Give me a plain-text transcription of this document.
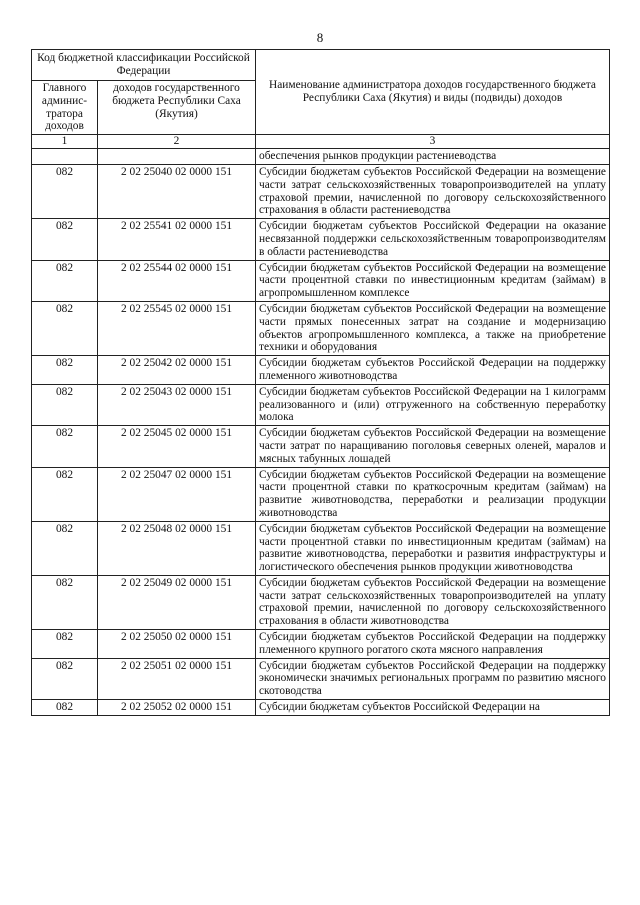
8
Код бюджетной классификации Российской Федерации		Наименование администратора доходов государственного бюджета Республики Саха (Якутия) и виды (подвиды) доходов
Главного админис-тратора доходов	доходов государственного бюджета Республики Саха (Якутия)	
1	2	3
		обеспечения рынков продукции растениеводства
082	2 02 25040 02 0000 151	Субсидии бюджетам субъектов Российской Федерации на возмещение части затрат сельскохозяйственных товаропроизводителей на уплату страховой премии, начисленной по договору сельскохозяйственного страхования в области растениеводства
082	2 02 25541 02 0000 151	Субсидии бюджетам субъектов Российской Федерации на оказание несвязанной поддержки сельскохозяйственным товаропроизводителям в области растениеводства
082	2 02 25544 02 0000 151	Субсидии бюджетам субъектов Российской Федерации на возмещение части процентной ставки по инвестиционным кредитам (займам) в агропромышленном комплексе
082	2 02 25545 02 0000 151	Субсидии бюджетам субъектов Российской Федерации на возмещение части прямых понесенных затрат на создание и модернизацию объектов агропромышленного комплекса, а также на приобретение техники и оборудования
082	2 02 25042 02 0000 151	Субсидии бюджетам субъектов Российской Федерации на поддержку племенного животноводства
082	2 02 25043 02 0000 151	Субсидии бюджетам субъектов Российской Федерации на 1 килограмм реализованного и (или) отгруженного на собственную переработку молока
082	2 02 25045 02 0000 151	Субсидии бюджетам субъектов Российской Федерации на возмещение части затрат по наращиванию поголовья северных оленей, маралов и мясных табунных лошадей
082	2 02 25047 02 0000 151	Субсидии бюджетам субъектов Российской Федерации на возмещение части процентной ставки по краткосрочным кредитам (займам) на развитие животноводства, переработки и реализации продукции животноводства
082	2 02 25048 02 0000 151	Субсидии бюджетам субъектов Российской Федерации на возмещение части процентной ставки по инвестиционным кредитам (займам) на развитие животноводства, переработки и развития инфраструктуры и логистического обеспечения рынков продукции животноводства
082	2 02 25049 02 0000 151	Субсидии бюджетам субъектов Российской Федерации на возмещение части затрат сельскохозяйственных товаропроизводителей на уплату страховой премии, начисленной по договору сельскохозяйственного страхования в области животноводства
082	2 02 25050 02 0000 151	Субсидии бюджетам субъектов Российской Федерации на поддержку племенного крупного рогатого скота мясного направления
082	2 02 25051 02 0000 151	Субсидии бюджетам субъектов Российской Федерации на поддержку экономически значимых региональных программ по развитию мясного скотоводства
082	2 02 25052 02 0000 151	Субсидии бюджетам субъектов Российской Федерации на
